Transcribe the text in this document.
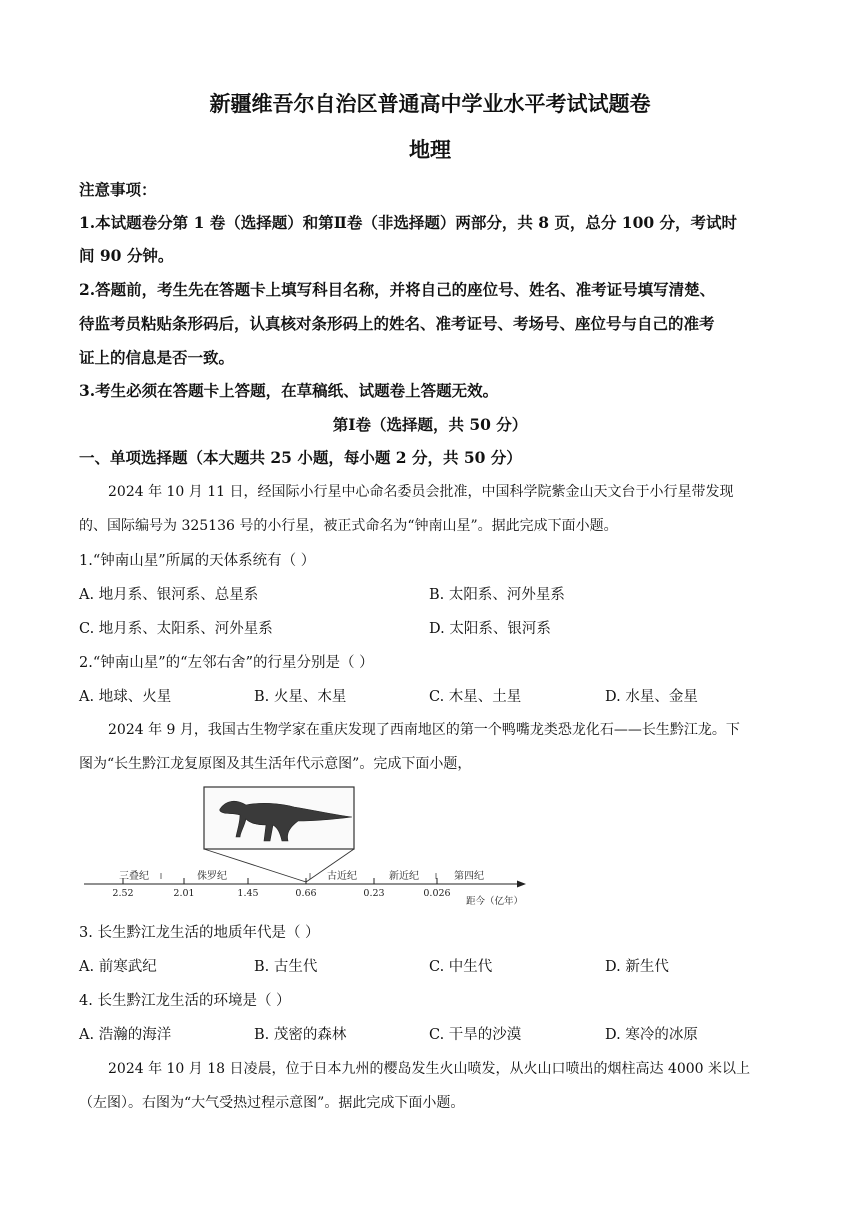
新疆维吾尔自治区普通高中学业水平考试试题卷
地理
注意事项：
1.本试题卷分第 1 卷（选择题）和第Ⅱ卷（非选择题）两部分，共 8 页，总分 100 分，考试时
间 90 分钟。
2.答题前，考生先在答题卡上填写科目名称，并将自己的座位号、姓名、准考证号填写清楚、
待监考员粘贴条形码后，认真核对条形码上的姓名、准考证号、考场号、座位号与自己的准考
证上的信息是否一致。
3.考生必须在答题卡上答题，在草稿纸、试题卷上答题无效。
第Ⅰ卷（选择题，共 50 分）
一、单项选择题（本大题共 25 小题，每小题 2 分，共 50 分）
2024 年 10 月 11 日，经国际小行星中心命名委员会批准，中国科学院紫金山天文台于小行星带发现
的、国际编号为 325136 号的小行星，被正式命名为“钟南山星”。据此完成下面小题。
1.“钟南山星”所属的天体系统有（ ）
A. 地月系、银河系、总星系	B. 太阳系、河外星系
C. 地月系、太阳系、河外星系	D. 太阳系、银河系
2.“钟南山星”的“左邻右舍”的行星分别是（ ）
A. 地球、火星	B. 火星、木星	C. 木星、土星	D. 水星、金星
2024 年 9 月，我国古生物学家在重庆发现了西南地区的第一个鸭嘴龙类恐龙化石——长生黔江龙。下
图为“长生黔江龙复原图及其生活年代示意图”。完成下面小题，
2.52	2.01	1.45	0.66	0.23	0.026
三叠纪	侏罗纪	古近纪	新近纪	第四纪
距今（亿年）
3. 长生黔江龙生活的地质年代是（ ）
A. 前寒武纪	B. 古生代	C. 中生代	D. 新生代
4. 长生黔江龙生活的环境是（ ）
A. 浩瀚的海洋	B. 茂密的森林	C. 干旱的沙漠	D. 寒冷的冰原
2024 年 10 月 18 日凌晨，位于日本九州的樱岛发生火山喷发，从火山口喷出的烟柱高达 4000 米以上
（左图）。右图为“大气受热过程示意图”。据此完成下面小题。
